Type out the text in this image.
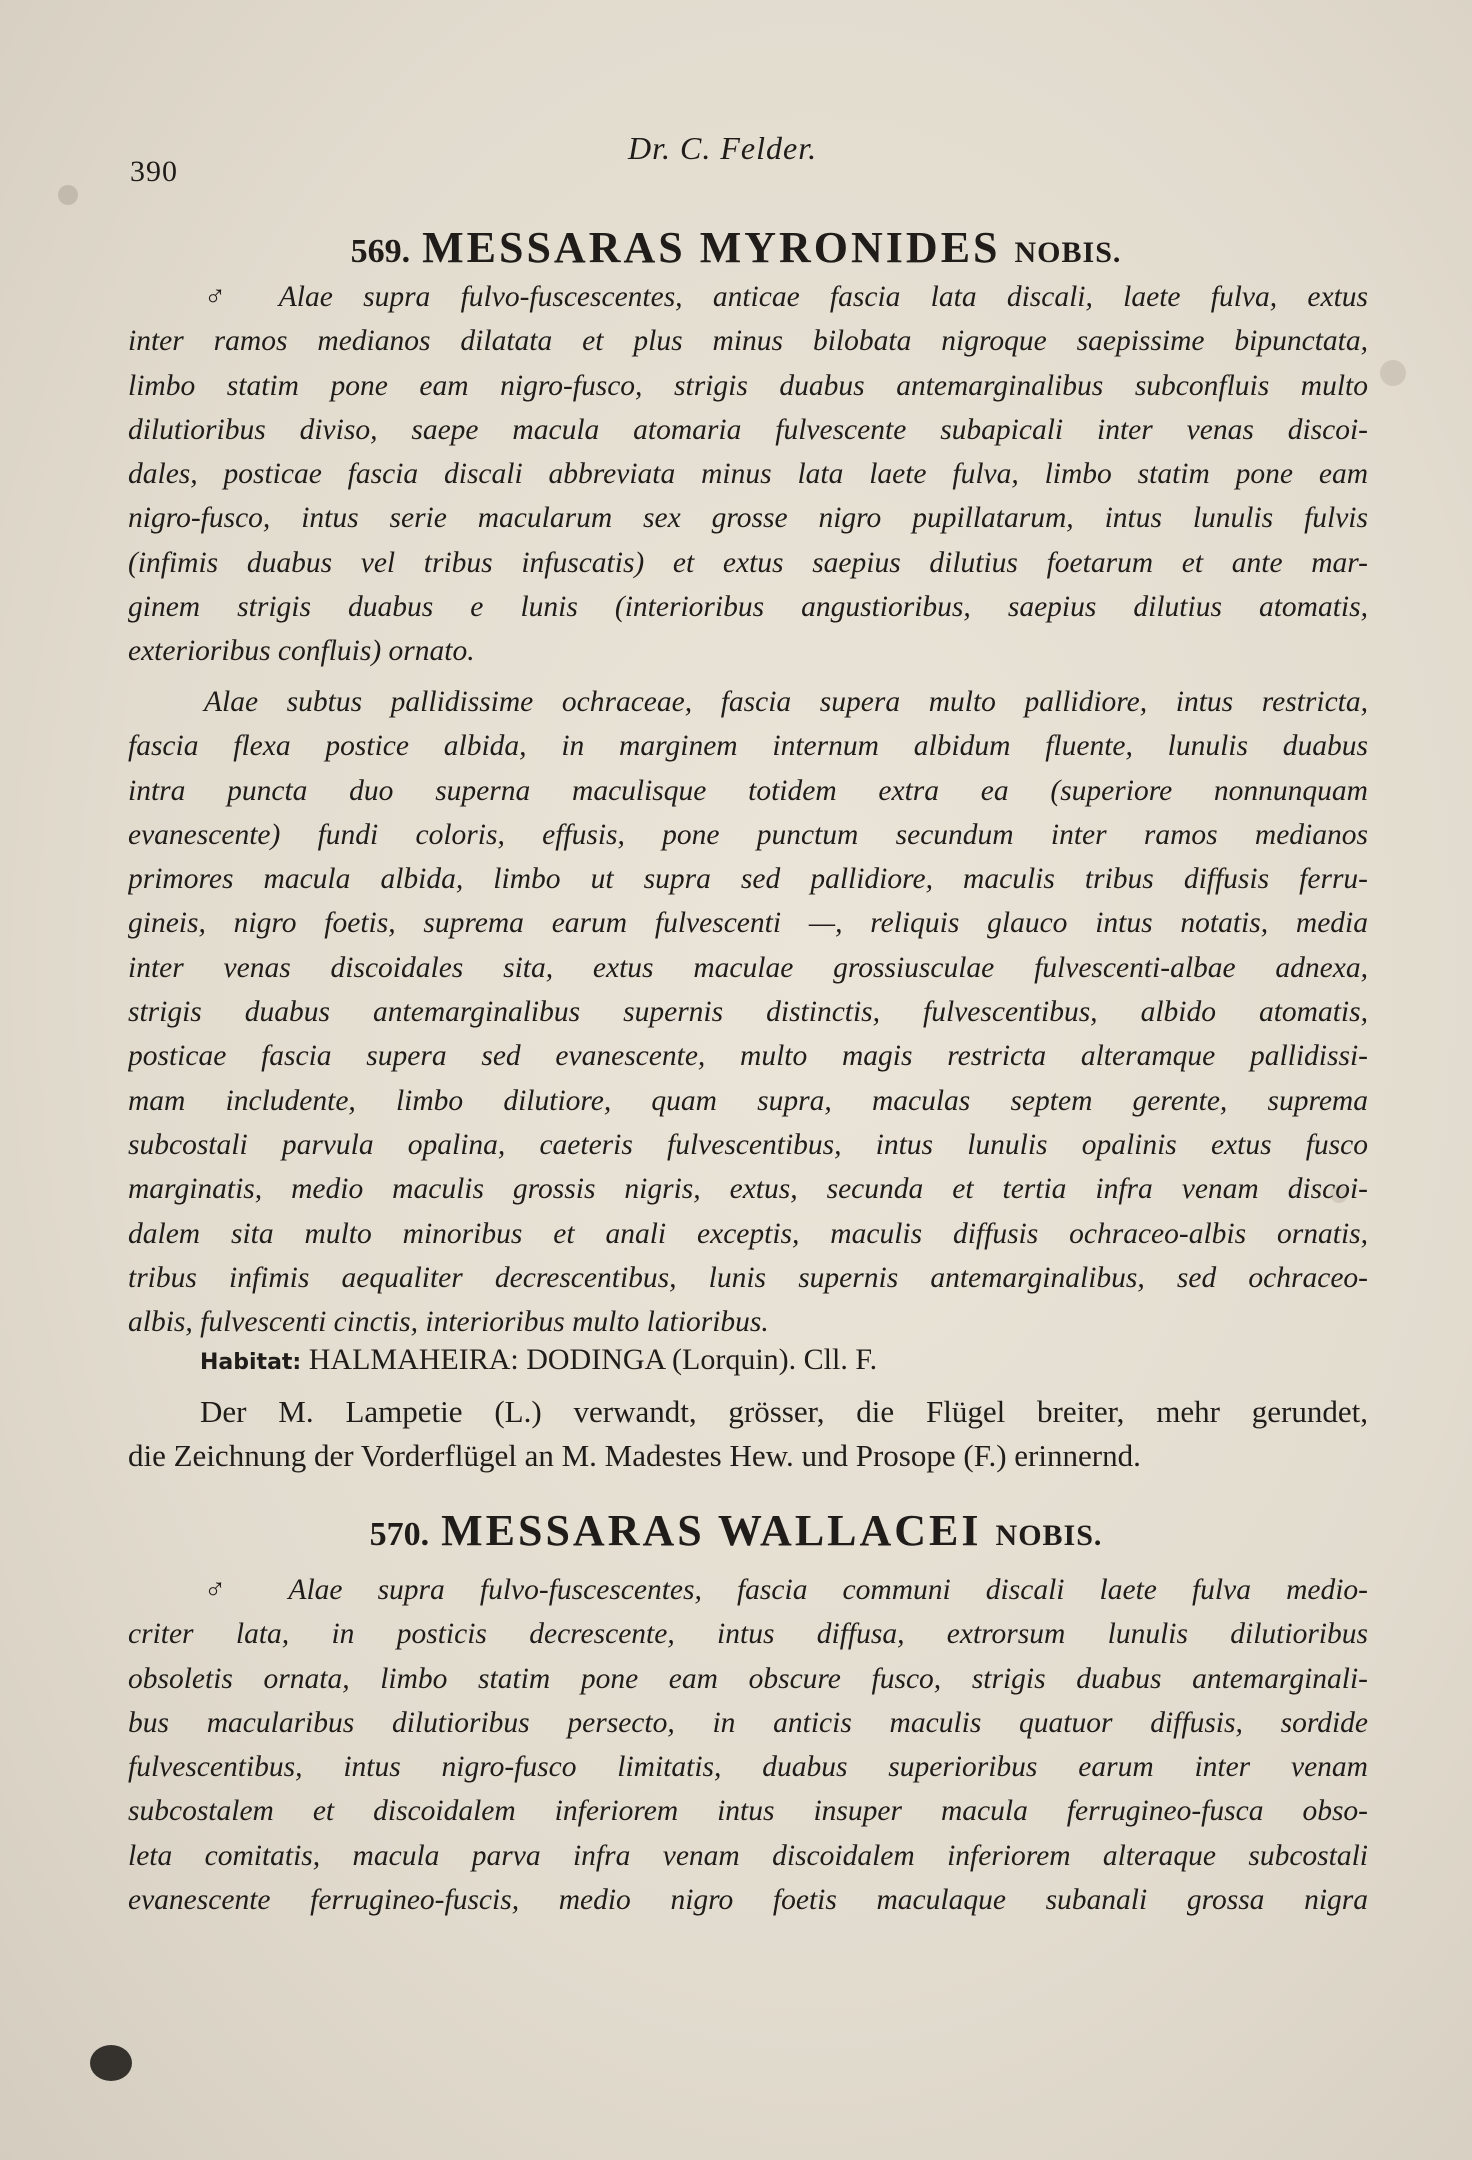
390
Dr. C. Felder.
569. MESSARAS MYRONIDES NOBIS.
♂ Alae supra fulvo-fuscescentes, anticae fascia lata discali, laete fulva, extus
inter ramos medianos dilatata et plus minus bilobata nigroque saepissime bipunctata,
limbo statim pone eam nigro-fusco, strigis duabus antemarginalibus subconfluis multo
dilutioribus diviso, saepe macula atomaria fulvescente subapicali inter venas discoi-
dales, posticae fascia discali abbreviata minus lata laete fulva, limbo statim pone eam
nigro-fusco, intus serie macularum sex grosse nigro pupillatarum, intus lunulis fulvis
(infimis duabus vel tribus infuscatis) et extus saepius dilutius foetarum et ante mar-
ginem strigis duabus e lunis (interioribus angustioribus, saepius dilutius atomatis,
exterioribus confluis) ornato.
Alae subtus pallidissime ochraceae, fascia supera multo pallidiore, intus restricta,
fascia flexa postice albida, in marginem internum albidum fluente, lunulis duabus
intra puncta duo superna maculisque totidem extra ea (superiore nonnunquam
evanescente) fundi coloris, effusis, pone punctum secundum inter ramos medianos
primores macula albida, limbo ut supra sed pallidiore, maculis tribus diffusis ferru-
gineis, nigro foetis, suprema earum fulvescenti —, reliquis glauco intus notatis, media
inter venas discoidales sita, extus maculae grossiusculae fulvescenti-albae adnexa,
strigis duabus antemarginalibus supernis distinctis, fulvescentibus, albido atomatis,
posticae fascia supera sed evanescente, multo magis restricta alteramque pallidissi-
mam includente, limbo dilutiore, quam supra, maculas septem gerente, suprema
subcostali parvula opalina, caeteris fulvescentibus, intus lunulis opalinis extus fusco
marginatis, medio maculis grossis nigris, extus, secunda et tertia infra venam discoi-
dalem sita multo minoribus et anali exceptis, maculis diffusis ochraceo-albis ornatis,
tribus infimis aequaliter decrescentibus, lunis supernis antemarginalibus, sed ochraceo-
albis, fulvescenti cinctis, interioribus multo latioribus.
Habitat: HALMAHEIRA: DODINGA (Lorquin). Cll. F.
Der M. Lampetie (L.) verwandt, grösser, die Flügel breiter, mehr gerundet,
die Zeichnung der Vorderflügel an M. Madestes Hew. und Prosope (F.) erinnernd.
570. MESSARAS WALLACEI NOBIS.
♂ Alae supra fulvo-fuscescentes, fascia communi discali laete fulva medio-
criter lata, in posticis decrescente, intus diffusa, extrorsum lunulis dilutioribus
obsoletis ornata, limbo statim pone eam obscure fusco, strigis duabus antemarginali-
bus macularibus dilutioribus persecto, in anticis maculis quatuor diffusis, sordide
fulvescentibus, intus nigro-fusco limitatis, duabus superioribus earum inter venam
subcostalem et discoidalem inferiorem intus insuper macula ferrugineo-fusca obso-
leta comitatis, macula parva infra venam discoidalem inferiorem alteraque subcostali
evanescente ferrugineo-fuscis, medio nigro foetis maculaque subanali grossa nigra
